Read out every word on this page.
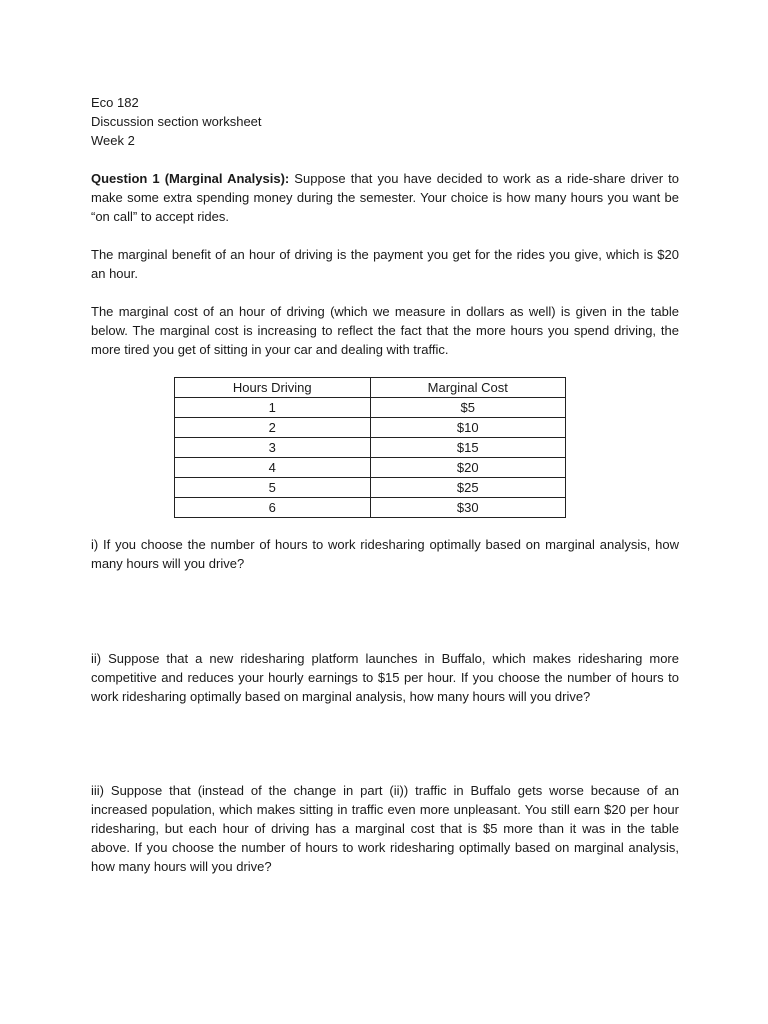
Eco 182

Discussion section worksheet

Week 2

Question 1 (Marginal Analysis): Suppose that you have decided to work as a ride-share driver to make some extra spending money during the semester. Your choice is how many hours you want be “on call” to accept rides.

The marginal benefit of an hour of driving is the payment you get for the rides you give, which is $20 an hour.

The marginal cost of an hour of driving (which we measure in dollars as well) is given in the table below. The marginal cost is increasing to reflect the fact that the more hours you spend driving, the more tired you get of sitting in your car and dealing with traffic.

Hours Driving	Marginal Cost
1	$5
2	$10
3	$15
4	$20
5	$25
6	$30

i) If you choose the number of hours to work ridesharing optimally based on marginal analysis, how many hours will you drive?

ii) Suppose that a new ridesharing platform launches in Buffalo, which makes ridesharing more competitive and reduces your hourly earnings to $15 per hour. If you choose the number of hours to work ridesharing optimally based on marginal analysis, how many hours will you drive?

iii) Suppose that (instead of the change in part (ii)) traffic in Buffalo gets worse because of an increased population, which makes sitting in traffic even more unpleasant. You still earn $20 per hour ridesharing, but each hour of driving has a marginal cost that is $5 more than it was in the table above. If you choose the number of hours to work ridesharing optimally based on marginal analysis, how many hours will you drive?
